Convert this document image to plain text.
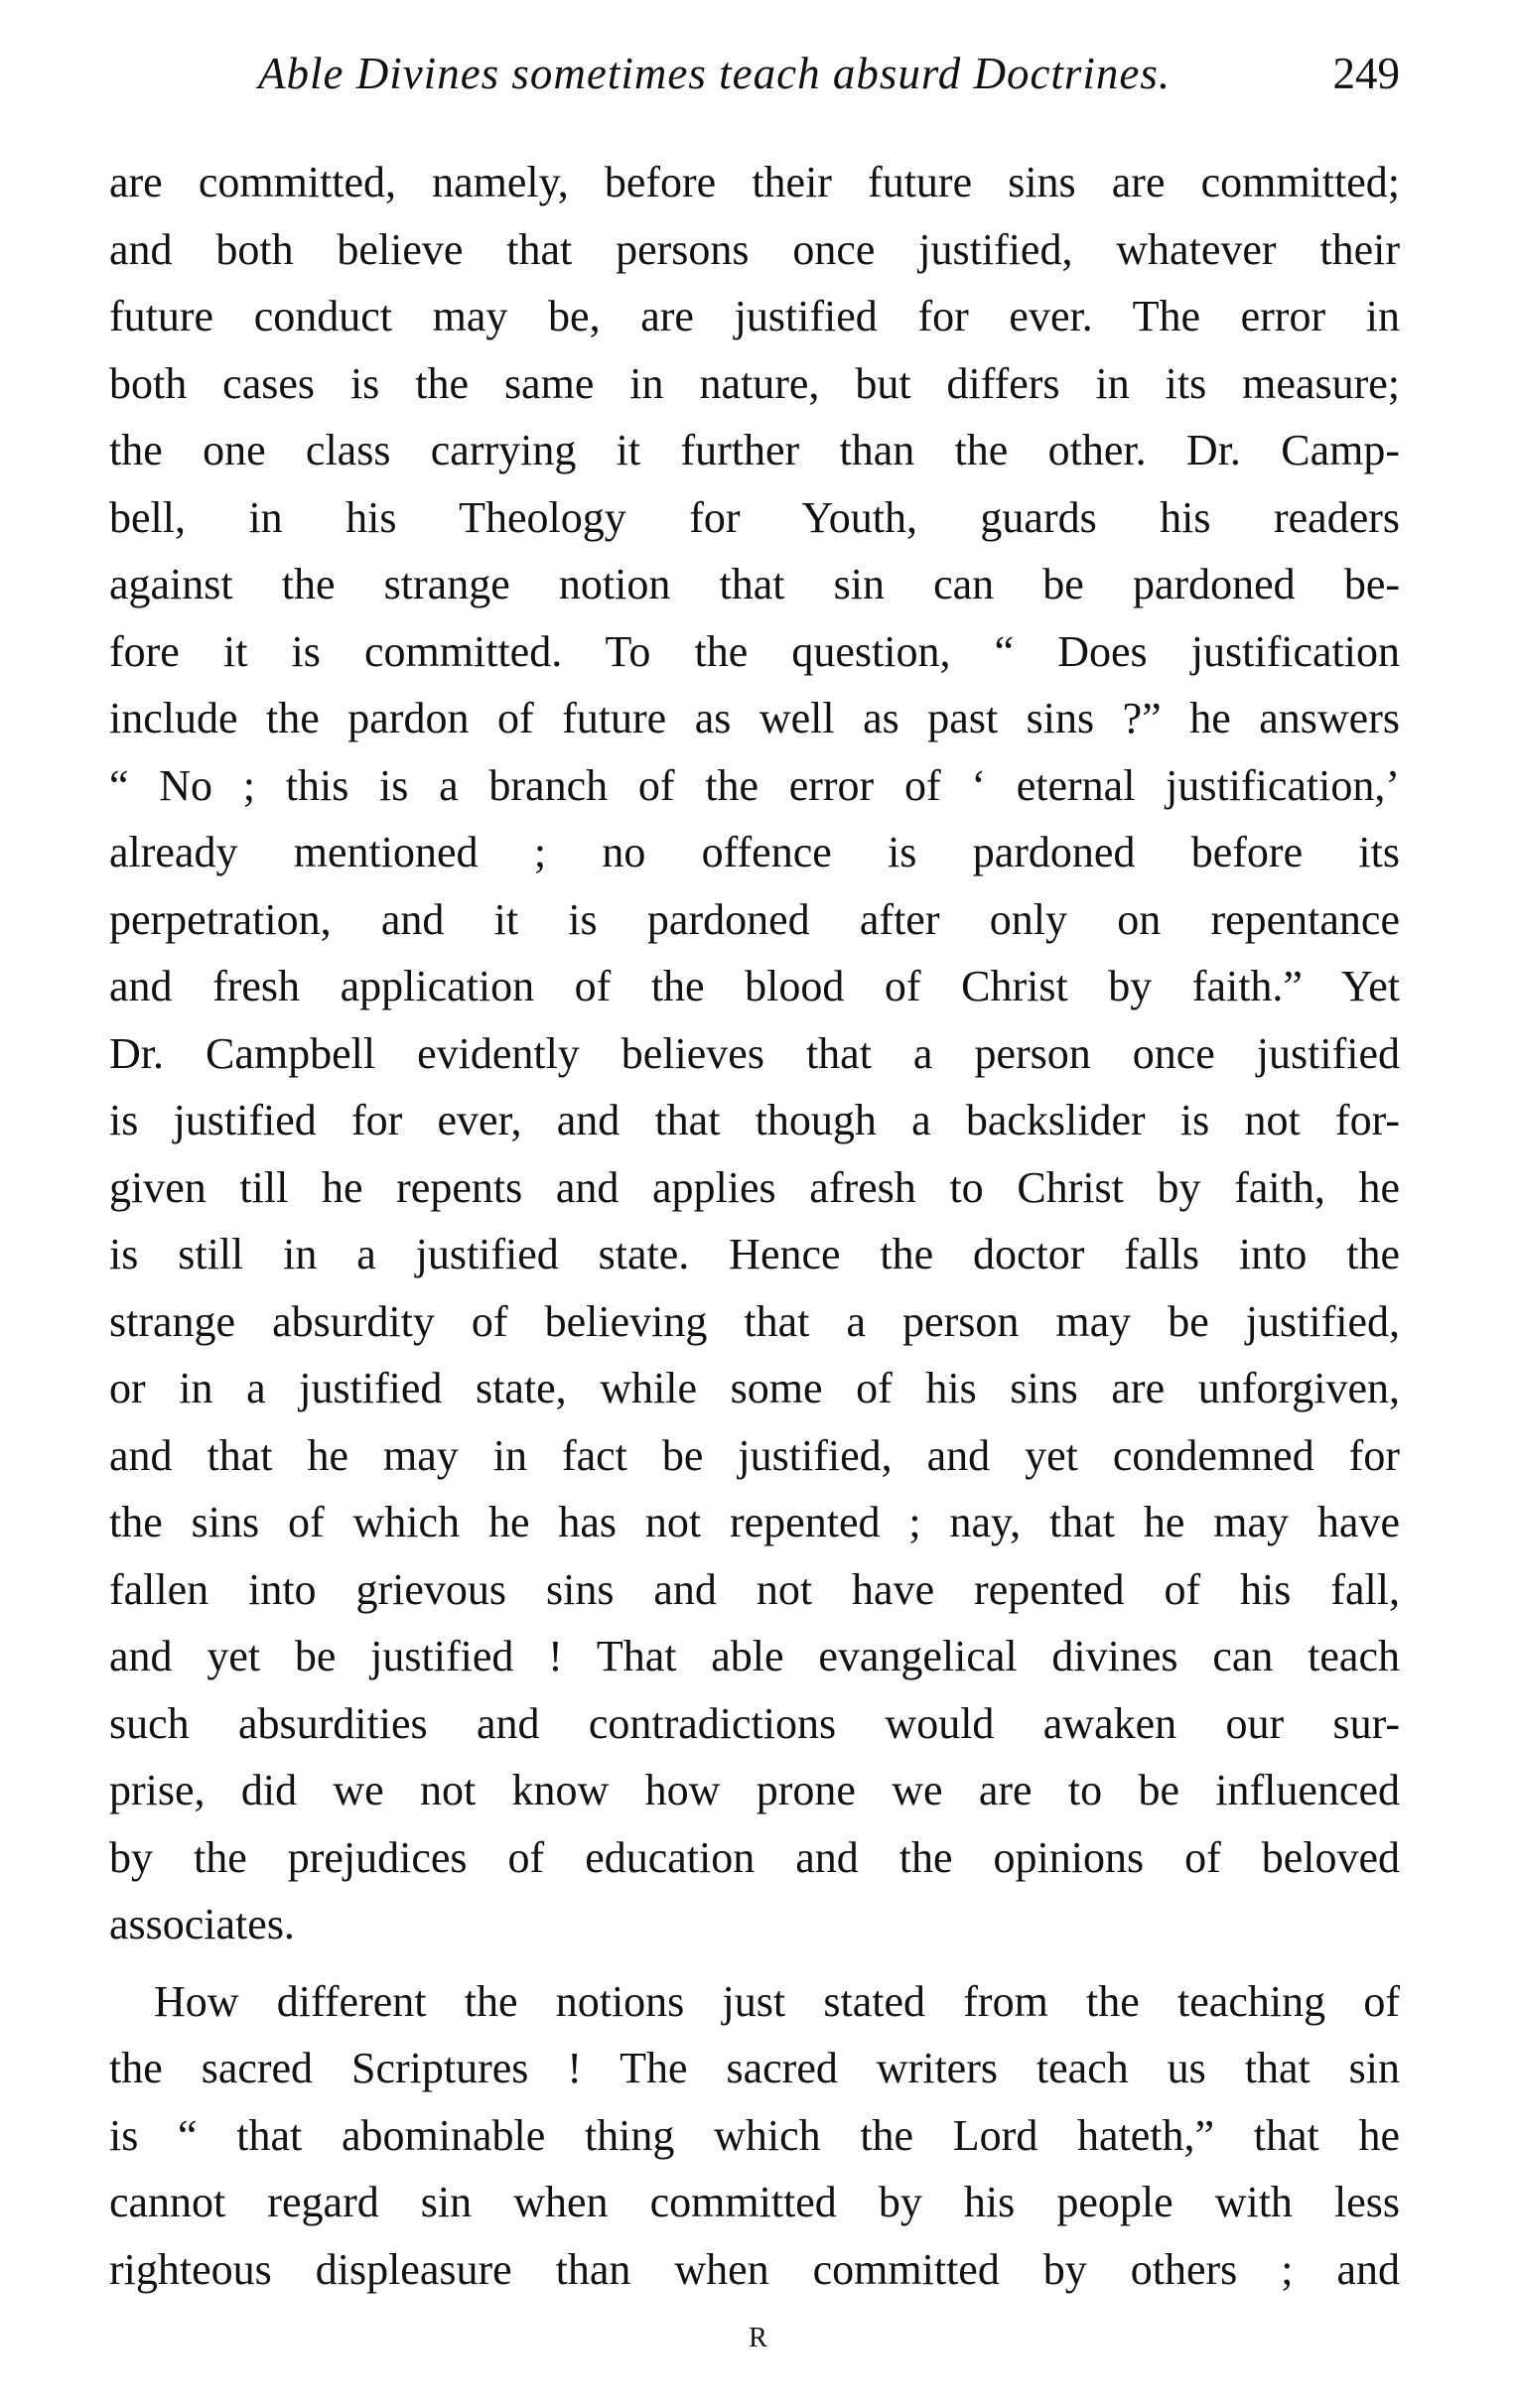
Able Divines sometimes teach absurd Doctrines.	249
are committed, namely, before their future sins are committed;
and both believe that persons once justified, whatever their
future conduct may be, are justified for ever. The error in
both cases is the same in nature, but differs in its measure;
the one class carrying it further than the other. Dr. Camp-
bell, in his Theology for Youth, guards his readers
against the strange notion that sin can be pardoned be-
fore it is committed. To the question, “ Does justification
include the pardon of future as well as past sins ?” he answers
“ No ; this is a branch of the error of ‘ eternal justification,’
already mentioned ; no offence is pardoned before its
perpetration, and it is pardoned after only on repentance
and fresh application of the blood of Christ by faith.” Yet
Dr. Campbell evidently believes that a person once justified
is justified for ever, and that though a backslider is not for-
given till he repents and applies afresh to Christ by faith, he
is still in a justified state. Hence the doctor falls into the
strange absurdity of believing that a person may be justified,
or in a justified state, while some of his sins are unforgiven,
and that he may in fact be justified, and yet condemned for
the sins of which he has not repented ; nay, that he may have
fallen into grievous sins and not have repented of his fall,
and yet be justified ! That able evangelical divines can teach
such absurdities and contradictions would awaken our sur-
prise, did we not know how prone we are to be influenced
by the prejudices of education and the opinions of beloved
associates.
How different the notions just stated from the teaching of
the sacred Scriptures ! The sacred writers teach us that sin
is “ that abominable thing which the Lord hateth,” that he
cannot regard sin when committed by his people with less
righteous displeasure than when committed by others ; and
R
